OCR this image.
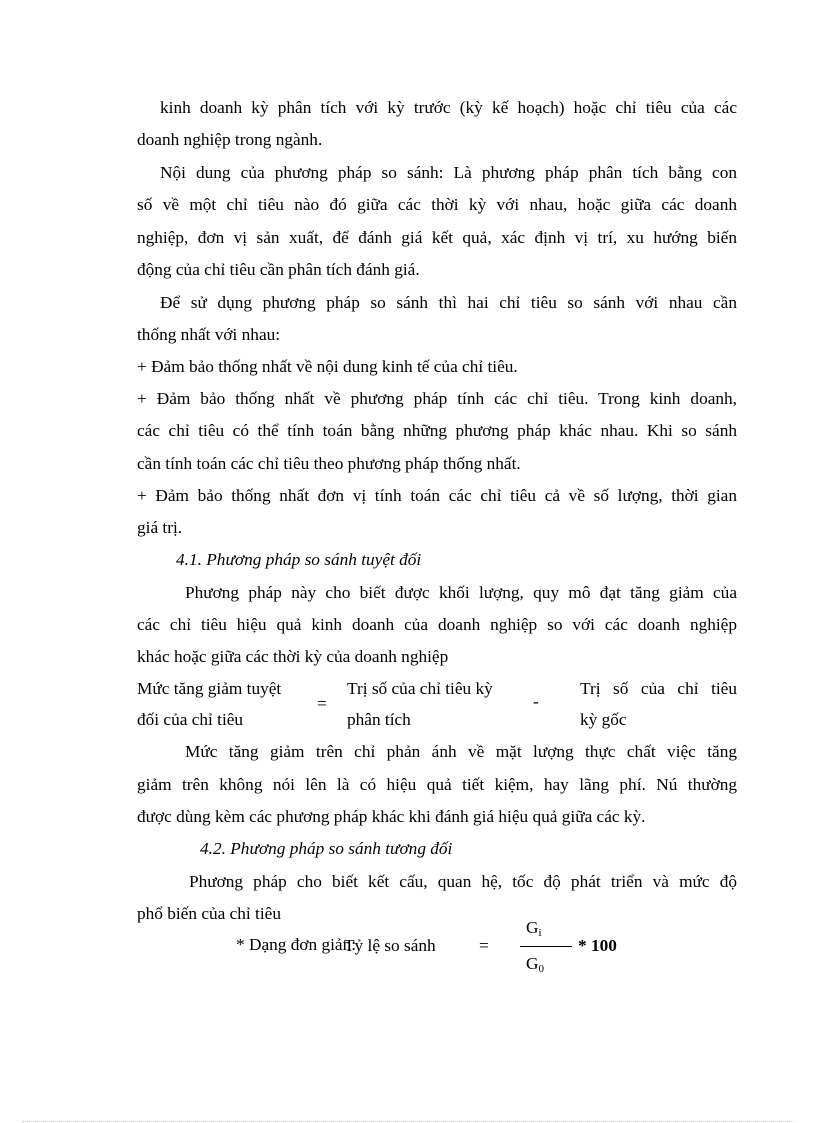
kinh doanh kỳ phân tích với kỳ trước (kỳ kế hoạch) hoặc chỉ tiêu của các
doanh nghiệp trong ngành.
Nội dung của phương pháp so sánh: Là phương pháp phân tích bằng con
số về một chỉ tiêu nào đó giữa các thời kỳ với nhau, hoặc giữa các doanh
nghiệp, đơn vị sản xuất, để đánh giá kết quả, xác định vị trí, xu hướng biến
động của chỉ tiêu cần phân tích đánh giá.
Để sử dụng phương pháp so sánh thì hai chỉ tiêu so sánh với nhau cần
thống nhất với nhau:
+ Đảm bảo thống nhất về nội dung kinh tế của chỉ tiêu.
+ Đảm bảo thống nhất về phương pháp tính các chỉ tiêu. Trong kinh doanh,
các chỉ tiêu có thể tính toán bằng những phương pháp khác nhau. Khi so sánh
cần tính toán các chỉ tiêu theo phương pháp thống nhất.
+ Đảm bảo thống nhất đơn vị tính toán các chỉ tiêu cả về số lượng, thời gian
giá trị.
4.1. Phương pháp so sánh tuyệt đối
Phương pháp này cho biết được khối lượng, quy mô đạt tăng giảm của
các chỉ tiêu hiệu quả kinh doanh của doanh nghiệp so với các doanh nghiệp
khác hoặc giữa các thời kỳ của doanh nghiệp
Mức tăng giảm tuyệt
đối của chỉ tiêu
=
Trị số của chỉ tiêu kỳ
phân tích
-
Trị số của chỉ tiêu
kỳ gốc
Mức tăng giảm trên chỉ phản ánh về mặt lượng thực chất việc tăng
giảm trên không nói lên là có hiệu quả tiết kiệm, hay lãng phí. Nú thường
được dùng kèm các phương pháp khác khi đánh giá hiệu quả giữa các kỳ.
4.2. Phương pháp so sánh tương đối
Phương pháp cho biết kết cấu, quan hệ, tốc độ phát triển và mức độ
phổ biến của chỉ tiêu
* Dạng đơn giản:
Tỷ lệ so sánh	=
$G_i$
$G_0$
* 100
